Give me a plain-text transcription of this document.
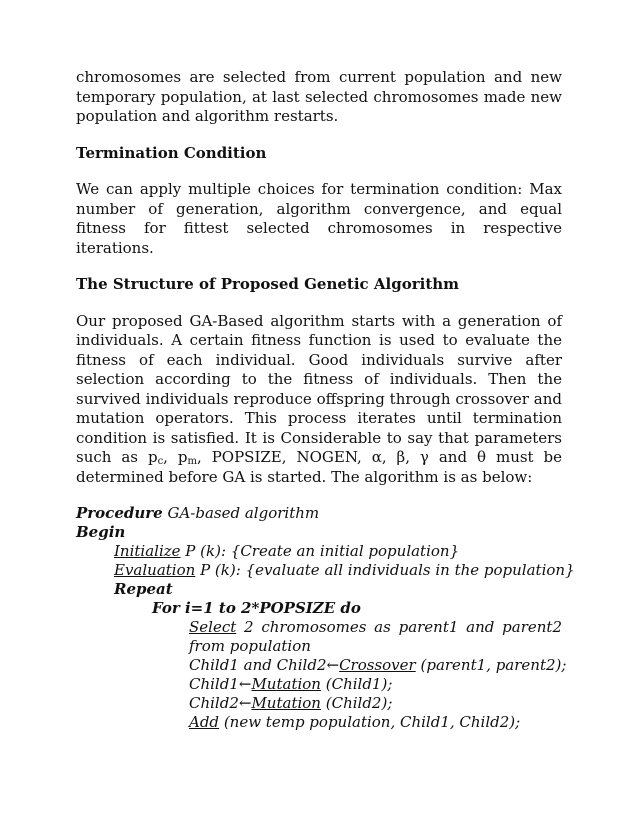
chromosomes are selected from current population and new temporary population, at last selected chromosomes made new population and algorithm restarts.

Termination Condition

We can apply multiple choices for termination condition: Max number of generation, algorithm convergence, and equal fitness for fittest selected chromosomes in respective iterations.

The Structure of Proposed Genetic Algorithm

Our proposed GA-Based algorithm starts with a generation of individuals. A certain fitness function is used to evaluate the fitness of each individual. Good individuals survive after selection according to the fitness of individuals. Then the survived individuals reproduce offspring through crossover and mutation operators. This process iterates until termination condition is satisfied. It is Considerable to say that parameters such as $p_c$, $p_m$, POPSIZE, NOGEN, α, β, γ and θ must be determined before GA is started. The algorithm is as below:

Procedure GA-based algorithm
Begin
Initialize P (k): {Create an initial population}
Evaluation P (k): {evaluate all individuals in the population}
Repeat
For i=1 to 2*POPSIZE do
Select 2 chromosomes as parent1 and parent2 from population
Child1 and Child2←Crossover (parent1, parent2);
Child1←Mutation (Child1);
Child2←Mutation (Child2);
Add (new temp population, Child1, Child2);
